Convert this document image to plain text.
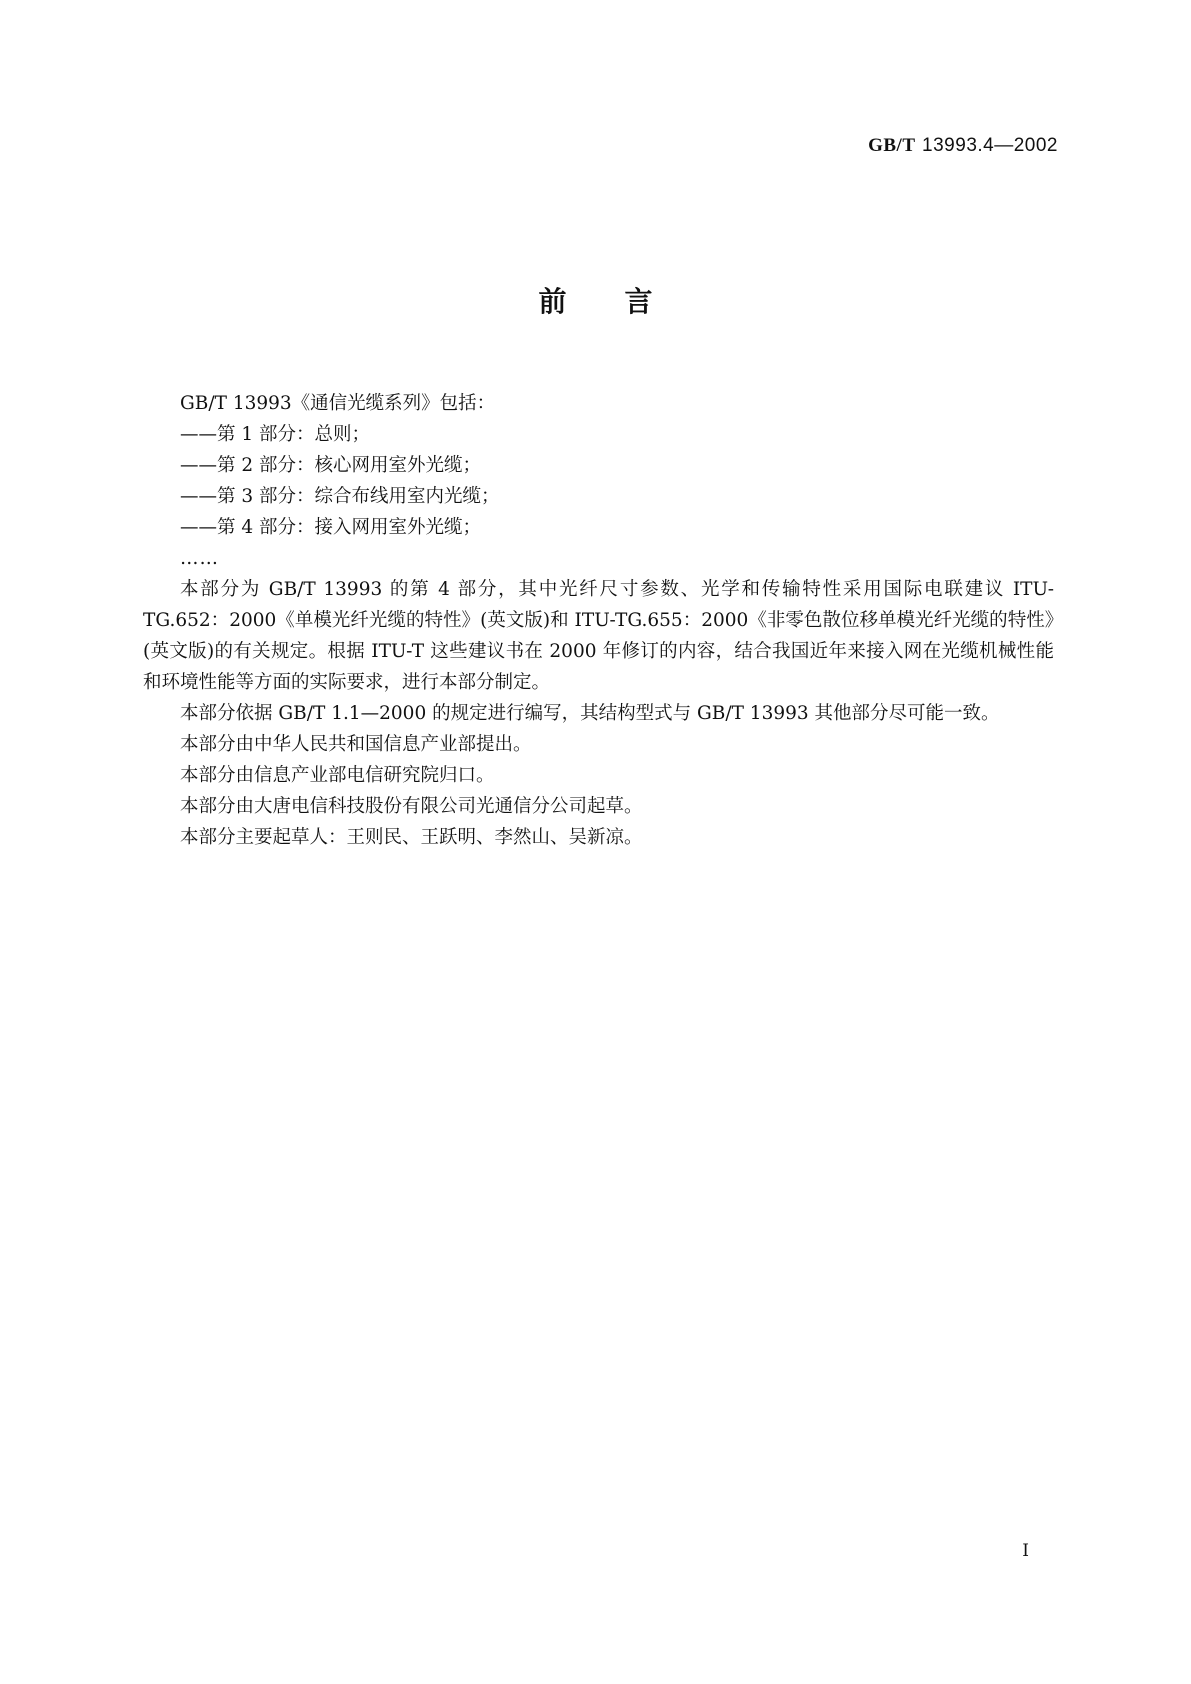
GB/T 13993.4—2002
前言

GB/T 13993《通信光缆系列》包括：

——第 1 部分：总则；
——第 2 部分：核心网用室外光缆；
——第 3 部分：综合布线用室内光缆；
——第 4 部分：接入网用室外光缆；
……

本部分为 GB/T 13993 的第 4 部分，其中光纤尺寸参数、光学和传输特性采用国际电联建议 ITU-TG.652：2000《单模光纤光缆的特性》(英文版)和 ITU-TG.655：2000《非零色散位移单模光纤光缆的特性》(英文版)的有关规定。根据 ITU-T 这些建议书在 2000 年修订的内容，结合我国近年来接入网在光缆机械性能和环境性能等方面的实际要求，进行本部分制定。

本部分依据 GB/T 1.1—2000 的规定进行编写，其结构型式与 GB/T 13993 其他部分尽可能一致。

本部分由中华人民共和国信息产业部提出。

本部分由信息产业部电信研究院归口。

本部分由大唐电信科技股份有限公司光通信分公司起草。

本部分主要起草人：王则民、王跃明、李然山、吴新凉。

I
